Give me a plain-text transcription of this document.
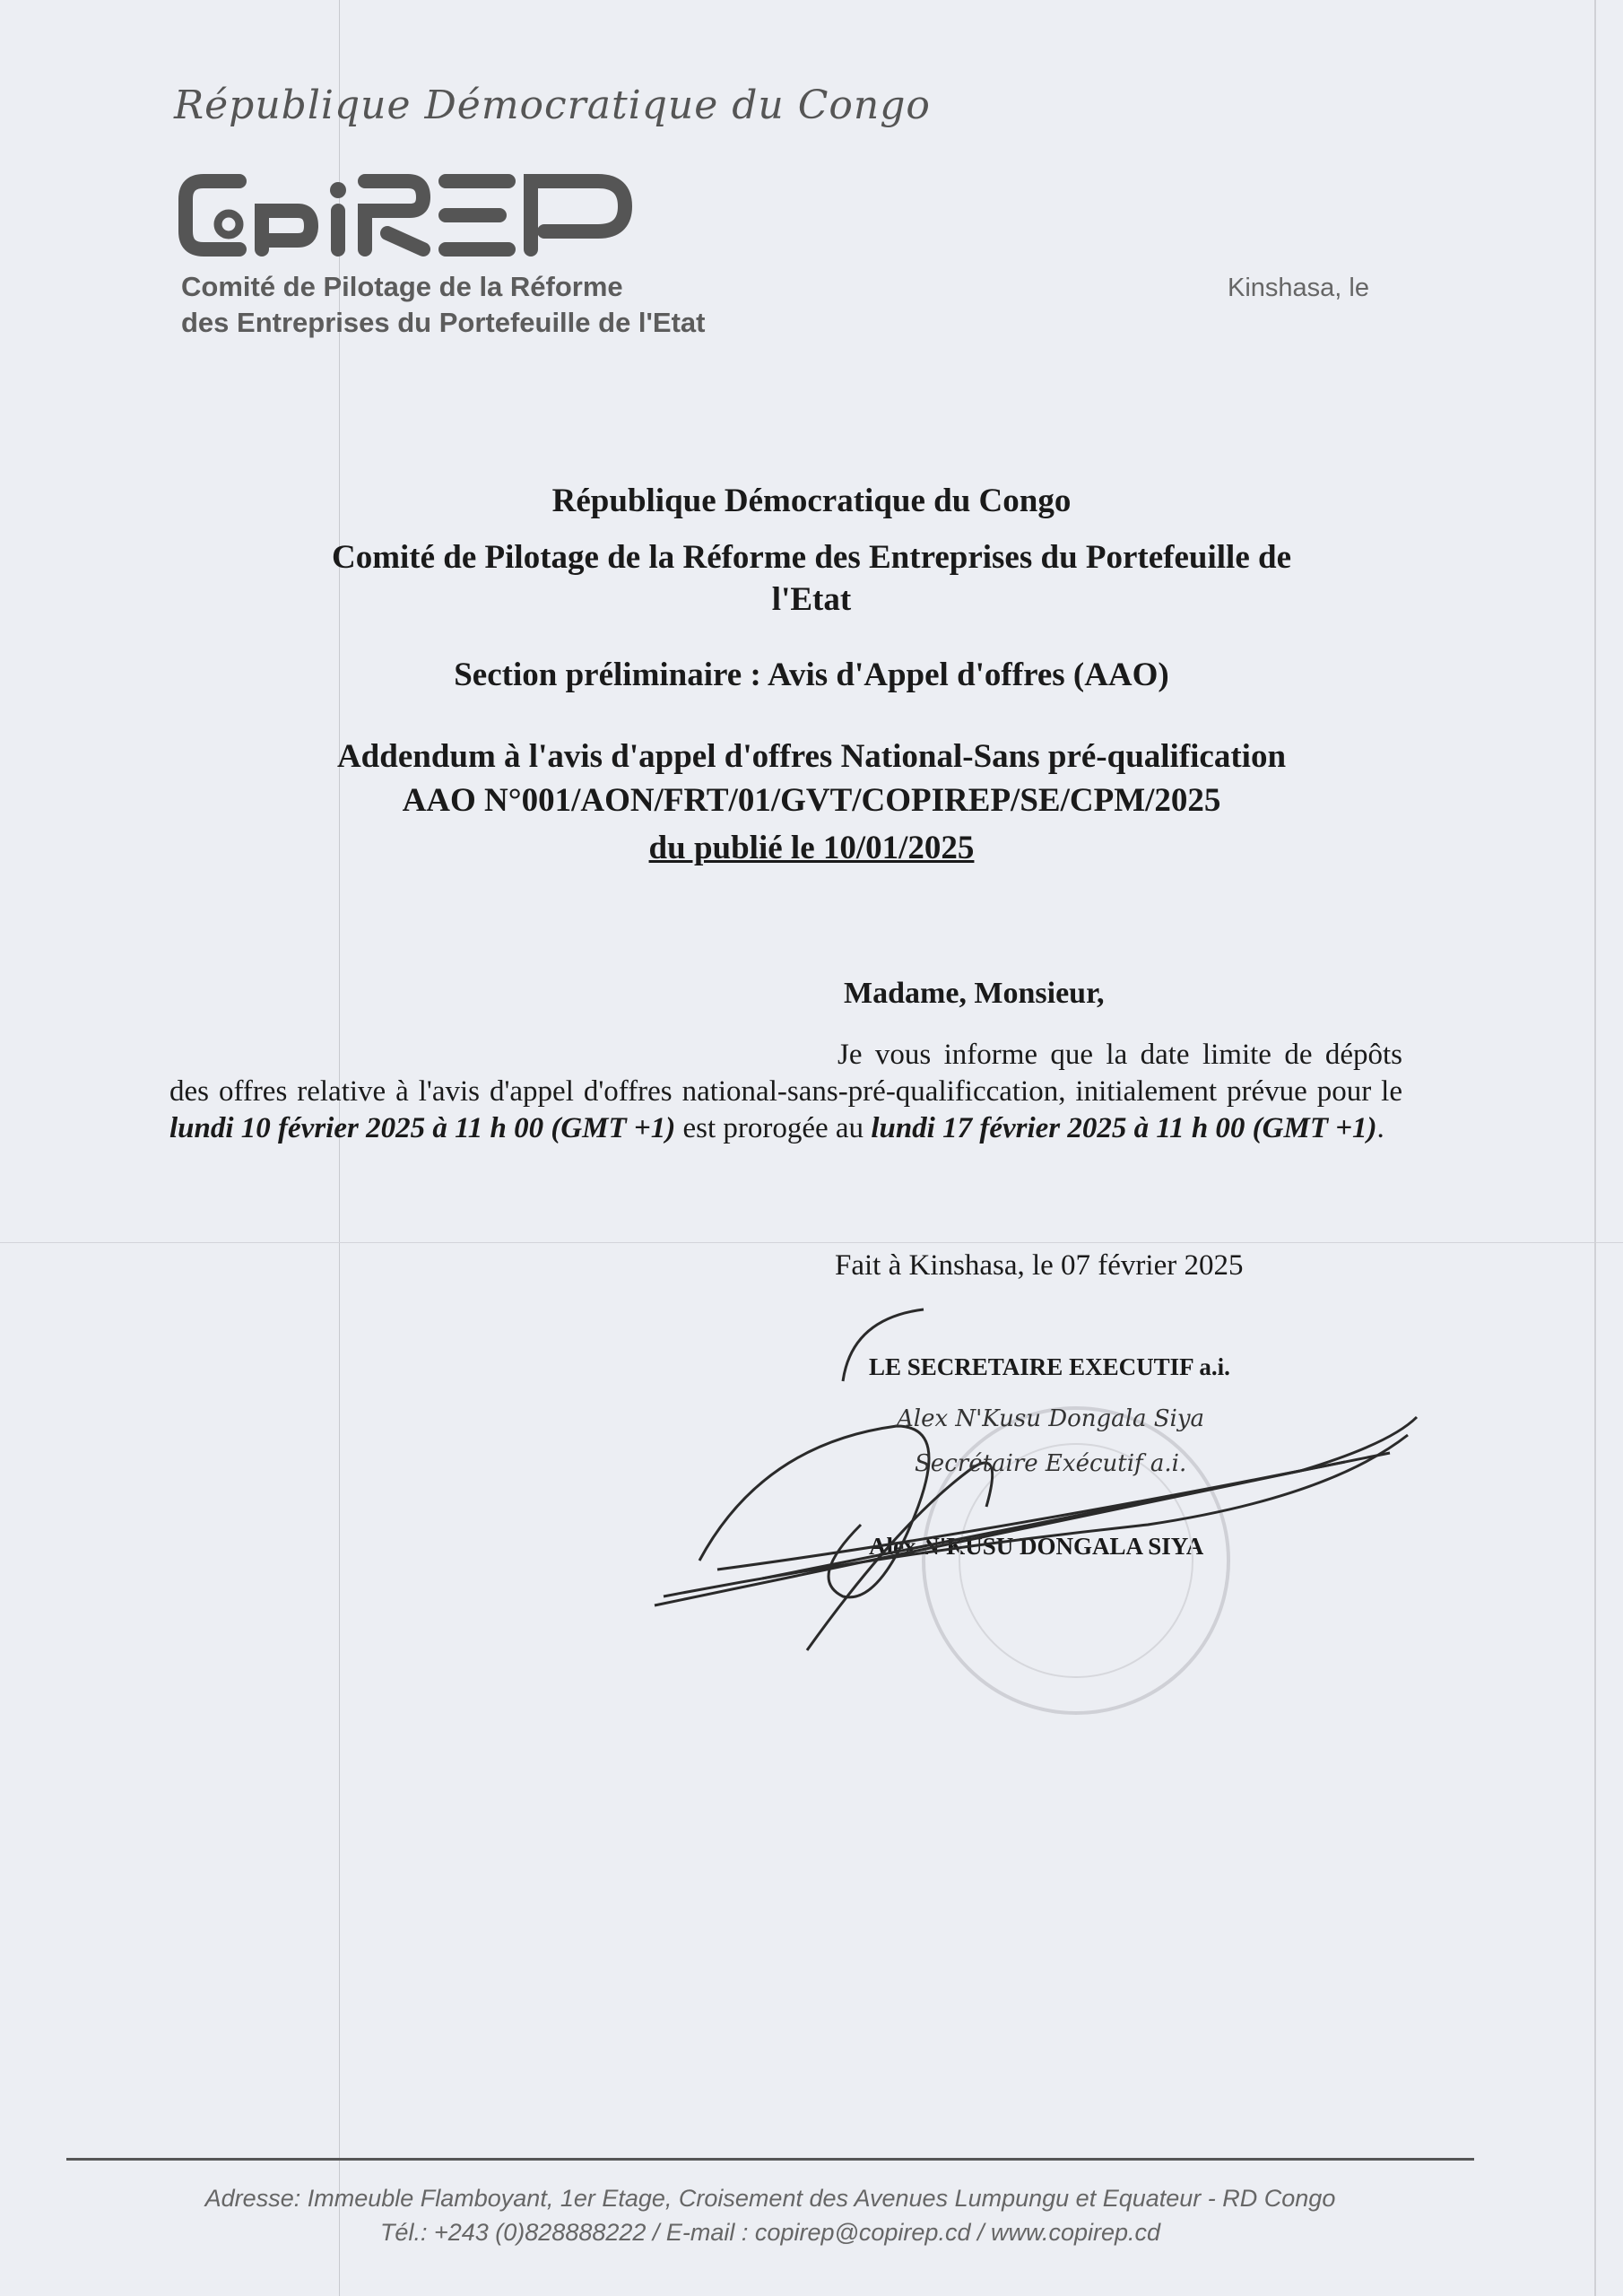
République Démocratique du Congo
Comité de Pilotage de la Réforme
des Entreprises du Portefeuille de l'Etat
Kinshasa, le
République Démocratique du Congo
Comité de Pilotage de la Réforme des Entreprises du Portefeuille de
l'Etat
Section préliminaire : Avis d'Appel d'offres (AAO)
Addendum à l'avis d'appel d'offres National-Sans pré-qualification
AAO N°001/AON/FRT/01/GVT/COPIREP/SE/CPM/2025
du publié le 10/01/2025
Madame, Monsieur,
Je vous informe que la date limite de dépôts des offres relative à l'avis d'appel d'offres national-sans-pré-qualificcation, initialement prévue pour le lundi 10 février 2025 à 11 h 00 (GMT +1) est prorogée au lundi 17 février 2025 à 11 h 00 (GMT +1).
Fait à Kinshasa, le 07 février 2025
LE SECRETAIRE EXECUTIF a.i.
Alex N'KUSU DONGALA SIYA
Alex N'Kusu Dongala Siya
Secrétaire Exécutif a.i.
Adresse: Immeuble Flamboyant, 1er Etage, Croisement des Avenues Lumpungu et Equateur - RD Congo
Tél.: +243 (0)828888222 / E-mail : copirep@copirep.cd / www.copirep.cd
